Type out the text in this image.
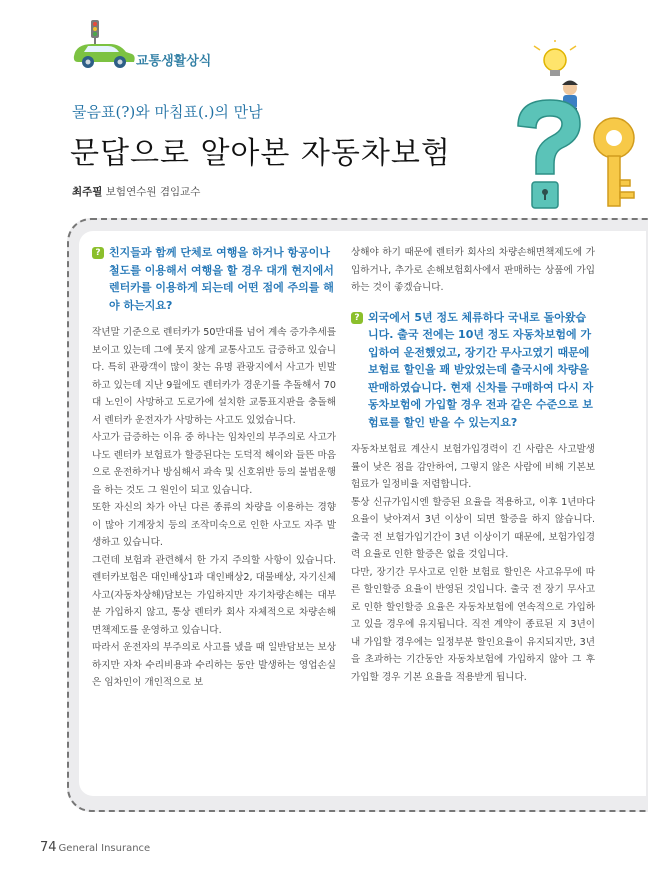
교통생활상식
물음표(?)와 마침표(.)의 만남
문답으로 알아본 자동차보험
최주필 보험연수원 겸임교수
? 친지들과 함께 단체로 여행을 하거나 항공이나 철도를 이용해서 여행을 할 경우 대개 현지에서 렌터카를 이용하게 되는데 어떤 점에 주의를 해야 하는지요?

작년말 기준으로 렌터카가 50만대를 넘어 계속 증가추세를 보이고 있는데 그에 못지 않게 교통사고도 급증하고 있습니다. 특히 관광객이 많이 찾는 유명 관광지에서 사고가 빈발하고 있는데 지난 9월에도 렌터카가 경운기를 추돌해서 70대 노인이 사망하고 도로가에 설치한 교통표지판을 충돌해서 렌터카 운전자가 사망하는 사고도 있었습니다.

사고가 급증하는 이유 중 하나는 임차인의 부주의로 사고가 나도 렌터카 보험료가 할증된다는 도덕적 해이와 들뜬 마음으로 운전하거나 방심해서 과속 및 신호위반 등의 불법운행을 하는 것도 그 원인이 되고 있습니다.

또한 자신의 차가 아닌 다른 종류의 차량을 이용하는 경향이 많아 기계장치 등의 조작미숙으로 인한 사고도 자주 발생하고 있습니다.

그런데 보험과 관련해서 한 가지 주의할 사항이 있습니다. 렌터카보험은 대인배상1과 대인배상2, 대물배상, 자기신체사고(자동차상해)담보는 가입하지만 자기차량손해는 대부분 가입하지 않고, 통상 렌터카 회사 자체적으로 차량손해면책제도를 운영하고 있습니다.

따라서 운전자의 부주의로 사고를 냈을 때 일반담보는 보상하지만 자차 수리비용과 수리하는 동안 발생하는 영업손실은 임차인이 개인적으로 보

상해야 하기 때문에 렌터카 회사의 차량손해면책제도에 가입하거나, 추가로 손해보험회사에서 판매하는 상품에 가입하는 것이 좋겠습니다.

? 외국에서 5년 정도 체류하다 국내로 돌아왔습니다. 출국 전에는 10년 정도 자동차보험에 가입하여 운전했었고, 장기간 무사고였기 때문에 보험료 할인을 꽤 받았었는데 출국시에 차량을 판매하였습니다. 현재 신차를 구매하여 다시 자동차보험에 가입할 경우 전과 같은 수준으로 보험료를 할인 받을 수 있는지요?

자동차보험료 계산시 보험가입경력이 긴 사람은 사고발생률이 낮은 점을 감안하여, 그렇지 않은 사람에 비해 기본보험료가 일정비율 저렴합니다.

통상 신규가입시엔 할증된 요율을 적용하고, 이후 1년마다 요율이 낮아져서 3년 이상이 되면 할증을 하지 않습니다. 출국 전 보험가입기간이 3년 이상이기 때문에, 보험가입경력 요율로 인한 할증은 없을 것입니다.

다만, 장기간 무사고로 인한 보험료 할인은 사고유무에 따른 할인할증 요율이 반영된 것입니다. 출국 전 장기 무사고로 인한 할인할증 요율은 자동차보험에 연속적으로 가입하고 있을 경우에 유지됩니다. 직전 계약이 종료된 지 3년이내 가입할 경우에는 일정부분 할인요율이 유지되지만, 3년을 초과하는 기간동안 자동차보험에 가입하지 않아 그 후 가입할 경우 기본 요율을 적용받게 됩니다.

74 General Insurance
